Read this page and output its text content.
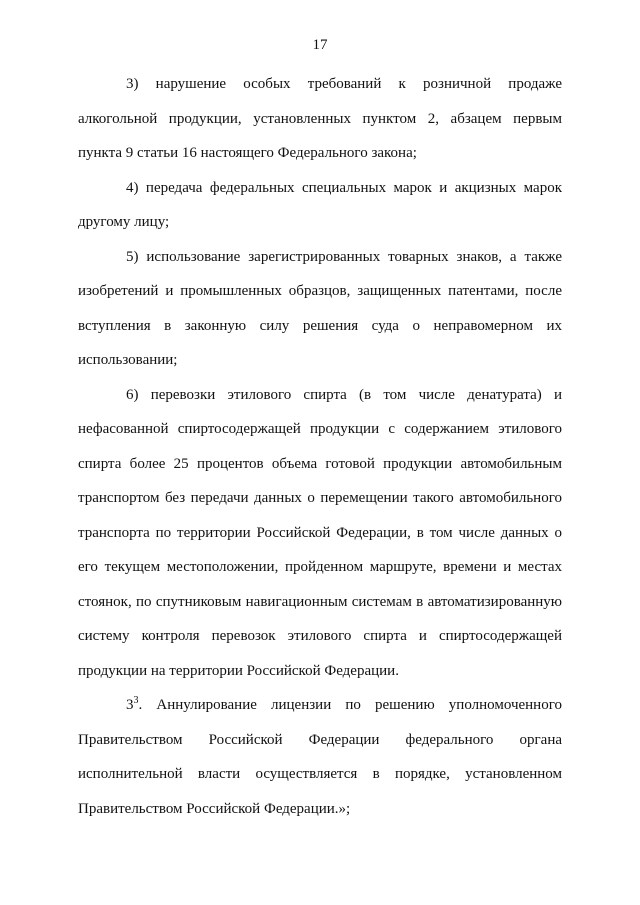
17

3) нарушение особых требований к розничной продаже алкогольной продукции, установленных пунктом 2, абзацем первым пункта 9 статьи 16 настоящего Федерального закона;

4) передача федеральных специальных марок и акцизных марок другому лицу;

5) использование зарегистрированных товарных знаков, а также изобретений и промышленных образцов, защищенных патентами, после вступления в законную силу решения суда о неправомерном их использовании;

6) перевозки этилового спирта (в том числе денатурата) и нефасованной спиртосодержащей продукции с содержанием этилового спирта более 25 процентов объема готовой продукции автомобильным транспортом без передачи данных о перемещении такого автомобильного транспорта по территории Российской Федерации, в том числе данных о его текущем местоположении, пройденном маршруте, времени и местах стоянок, по спутниковым навигационным системам в автоматизированную систему контроля перевозок этилового спирта и спиртосодержащей продукции на территории Российской Федерации.

$3^3$. Аннулирование лицензии по решению уполномоченного Правительством Российской Федерации федерального органа исполнительной власти осуществляется в порядке, установленном Правительством Российской Федерации.»;
